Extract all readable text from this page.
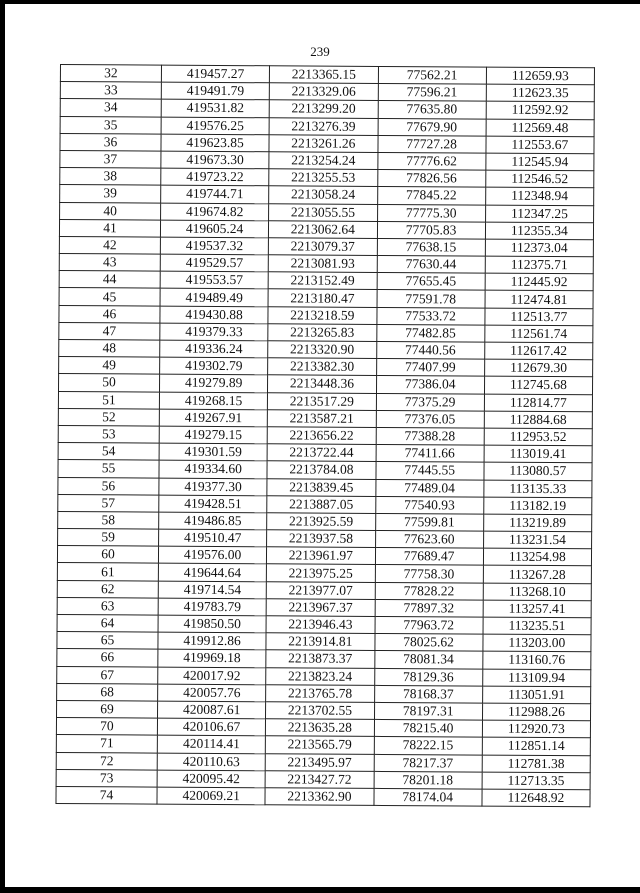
239
32	419457.27	2213365.15	77562.21	112659.93
33	419491.79	2213329.06	77596.21	112623.35
34	419531.82	2213299.20	77635.80	112592.92
35	419576.25	2213276.39	77679.90	112569.48
36	419623.85	2213261.26	77727.28	112553.67
37	419673.30	2213254.24	77776.62	112545.94
38	419723.22	2213255.53	77826.56	112546.52
39	419744.71	2213058.24	77845.22	112348.94
40	419674.82	2213055.55	77775.30	112347.25
41	419605.24	2213062.64	77705.83	112355.34
42	419537.32	2213079.37	77638.15	112373.04
43	419529.57	2213081.93	77630.44	112375.71
44	419553.57	2213152.49	77655.45	112445.92
45	419489.49	2213180.47	77591.78	112474.81
46	419430.88	2213218.59	77533.72	112513.77
47	419379.33	2213265.83	77482.85	112561.74
48	419336.24	2213320.90	77440.56	112617.42
49	419302.79	2213382.30	77407.99	112679.30
50	419279.89	2213448.36	77386.04	112745.68
51	419268.15	2213517.29	77375.29	112814.77
52	419267.91	2213587.21	77376.05	112884.68
53	419279.15	2213656.22	77388.28	112953.52
54	419301.59	2213722.44	77411.66	113019.41
55	419334.60	2213784.08	77445.55	113080.57
56	419377.30	2213839.45	77489.04	113135.33
57	419428.51	2213887.05	77540.93	113182.19
58	419486.85	2213925.59	77599.81	113219.89
59	419510.47	2213937.58	77623.60	113231.54
60	419576.00	2213961.97	77689.47	113254.98
61	419644.64	2213975.25	77758.30	113267.28
62	419714.54	2213977.07	77828.22	113268.10
63	419783.79	2213967.37	77897.32	113257.41
64	419850.50	2213946.43	77963.72	113235.51
65	419912.86	2213914.81	78025.62	113203.00
66	419969.18	2213873.37	78081.34	113160.76
67	420017.92	2213823.24	78129.36	113109.94
68	420057.76	2213765.78	78168.37	113051.91
69	420087.61	2213702.55	78197.31	112988.26
70	420106.67	2213635.28	78215.40	112920.73
71	420114.41	2213565.79	78222.15	112851.14
72	420110.63	2213495.97	78217.37	112781.38
73	420095.42	2213427.72	78201.18	112713.35
74	420069.21	2213362.90	78174.04	112648.92
